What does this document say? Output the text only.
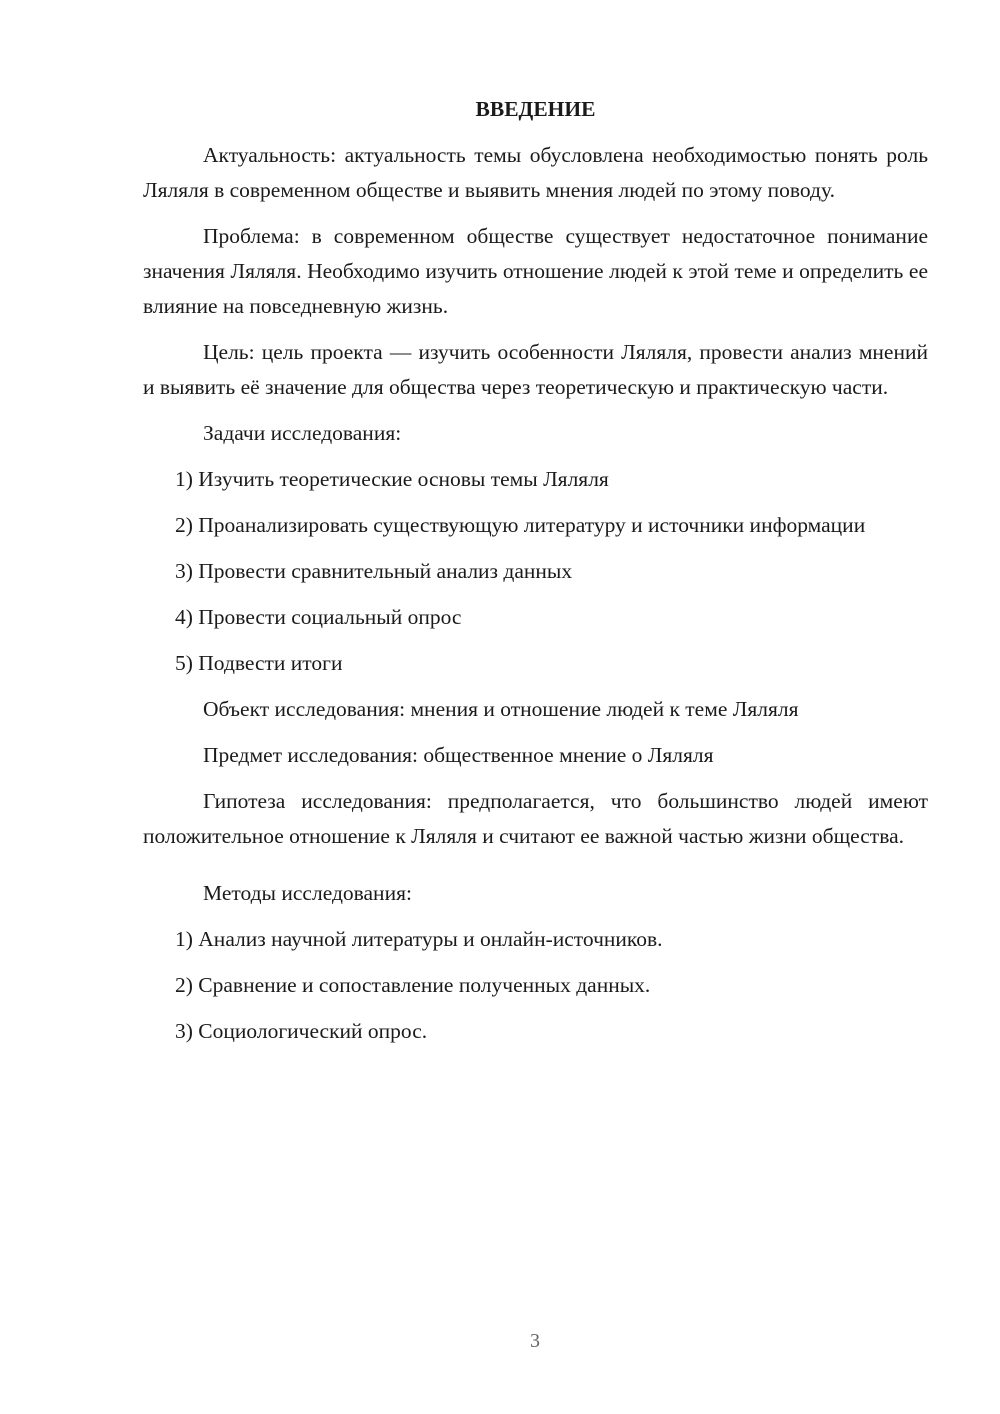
ВВЕДЕНИЕ

Актуальность: актуальность темы обусловлена необходимостью понять роль Ляляля в современном обществе и выявить мнения людей по этому поводу.

Проблема: в современном обществе существует недостаточное понимание значения Ляляля. Необходимо изучить отношение людей к этой теме и определить ее влияние на повседневную жизнь.

Цель: цель проекта — изучить особенности Ляляля, провести анализ мнений и выявить её значение для общества через теоретическую и практическую части.

Задачи исследования:

1) Изучить теоретические основы темы Ляляля

2) Проанализировать существующую литературу и источники информации

3) Провести сравнительный анализ данных

4) Провести социальный опрос

5) Подвести итоги

Объект исследования: мнения и отношение людей к теме Ляляля

Предмет исследования: общественное мнение о Ляляля

Гипотеза исследования: предполагается, что большинство людей имеют положительное отношение к Ляляля и считают ее важной частью жизни общества.

Методы исследования:

1) Анализ научной литературы и онлайн-источников.

2) Сравнение и сопоставление полученных данных.

3) Социологический опрос.

3
